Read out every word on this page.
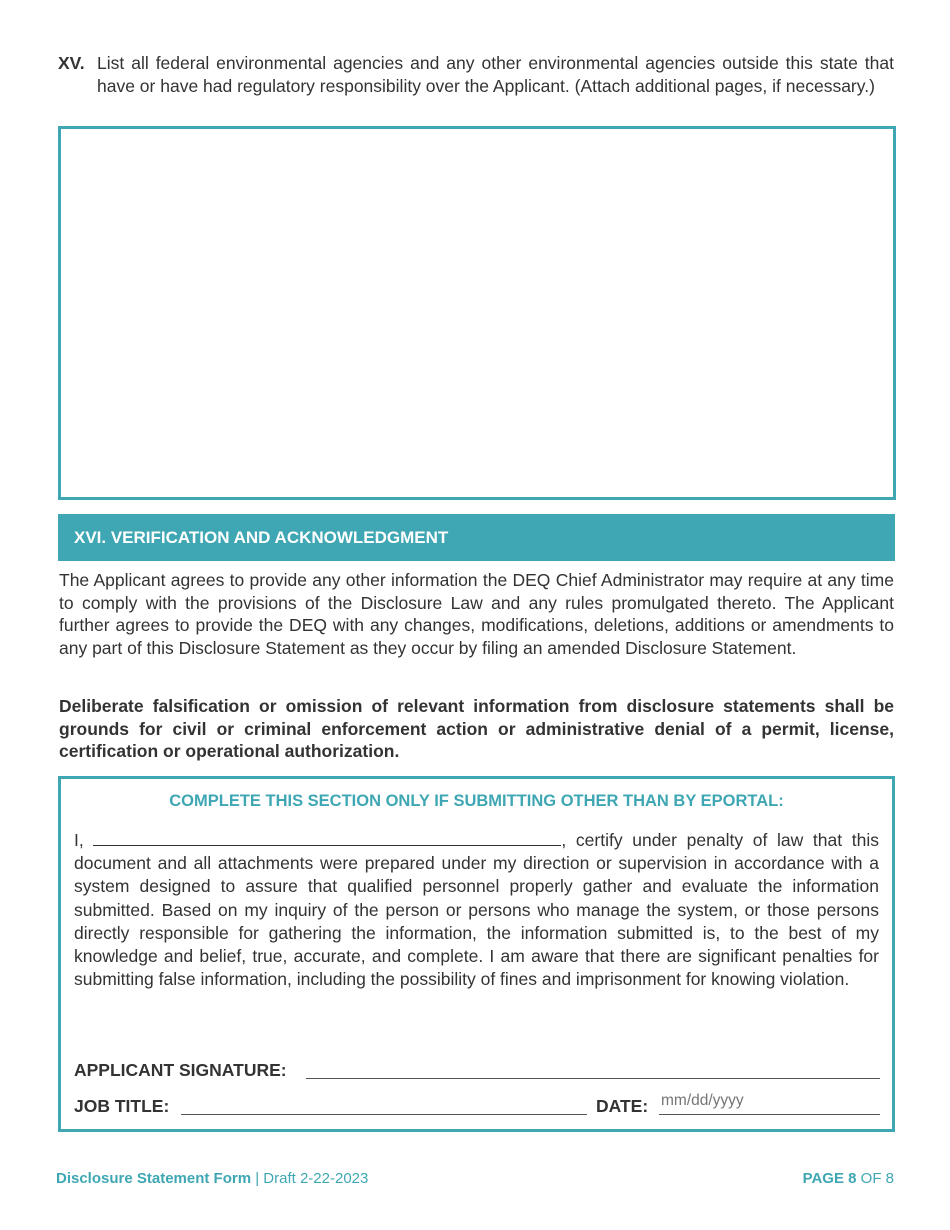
XV. List all federal environmental agencies and any other environmental agencies outside this state that have or have had regulatory responsibility over the Applicant. (Attach additional pages, if necessary.)
XVI. VERIFICATION AND ACKNOWLEDGMENT
The Applicant agrees to provide any other information the DEQ Chief Administrator may require at any time to comply with the provisions of the Disclosure Law and any rules promulgated thereto. The Applicant further agrees to provide the DEQ with any changes, modifications, deletions, additions or amendments to any part of this Disclosure Statement as they occur by filing an amended Disclosure Statement.
Deliberate falsification or omission of relevant information from disclosure statements shall be grounds for civil or criminal enforcement action or administrative denial of a permit, license, certification or operational authorization.
COMPLETE THIS SECTION ONLY IF SUBMITTING OTHER THAN BY EPORTAL:
I,	, certify under penalty of law that this document and all attachments were prepared under my direction or supervision in accordance with a system designed to assure that qualified personnel properly gather and evaluate the information submitted. Based on my inquiry of the person or persons who manage the system, or those persons directly responsible for gathering the information, the information submitted is, to the best of my knowledge and belief, true, accurate, and complete. I am aware that there are significant penalties for submitting false information, including the possibility of fines and imprisonment for knowing violation.
APPLICANT SIGNATURE:
JOB TITLE:	DATE:
mm/dd/yyyy
Disclosure Statement Form | Draft 2-22-2023	PAGE 8 OF 8
